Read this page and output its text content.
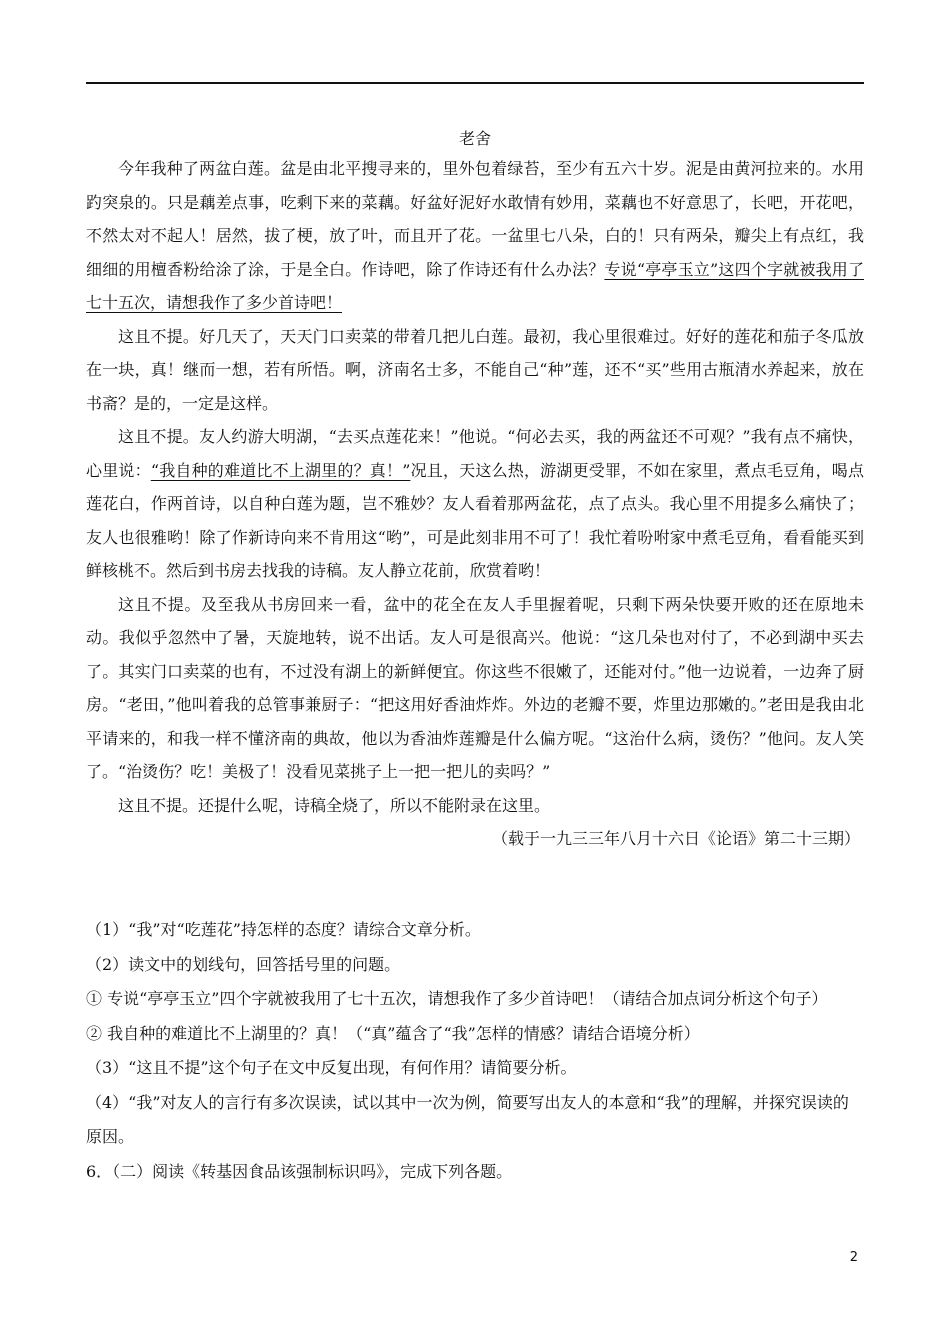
老舍

今年我种了两盆白莲。盆是由北平搜寻来的，里外包着绿苔，至少有五六十岁。泥是由黄河拉来的。水用趵突泉的。只是藕差点事，吃剩下来的菜藕。好盆好泥好水敢情有妙用，菜藕也不好意思了，长吧，开花吧，不然太对不起人！居然，拔了梗，放了叶，而且开了花。一盆里七八朵，白的！只有两朵，瓣尖上有点红，我细细的用檀香粉给涂了涂，于是全白。作诗吧，除了作诗还有什么办法？专说“亭亭玉立”这四个字就被我用了七十五次，请想我作了多少首诗吧！

这且不提。好几天了，天天门口卖菜的带着几把儿白莲。最初，我心里很难过。好好的莲花和茄子冬瓜放在一块，真！继而一想，若有所悟。啊，济南名士多，不能自己“种”莲，还不“买”些用古瓶清水养起来，放在书斋？是的，一定是这样。

这且不提。友人约游大明湖，“去买点莲花来！”他说。“何必去买，我的两盆还不可观？”我有点不痛快，心里说：“我自种的难道比不上湖里的？真！”况且，天这么热，游湖更受罪，不如在家里，煮点毛豆角，喝点莲花白，作两首诗，以自种白莲为题，岂不雅妙？友人看着那两盆花，点了点头。我心里不用提多么痛快了；友人也很雅哟！除了作新诗向来不肯用这“哟”，可是此刻非用不可了！我忙着吩咐家中煮毛豆角，看看能买到鲜核桃不。然后到书房去找我的诗稿。友人静立花前，欣赏着哟！

这且不提。及至我从书房回来一看，盆中的花全在友人手里握着呢，只剩下两朵快要开败的还在原地未动。我似乎忽然中了暑，天旋地转，说不出话。友人可是很高兴。他说：“这几朵也对付了，不必到湖中买去了。其实门口卖菜的也有，不过没有湖上的新鲜便宜。你这些不很嫩了，还能对付。”他一边说着，一边奔了厨房。“老田，”他叫着我的总管事兼厨子：“把这用好香油炸炸。外边的老瓣不要，炸里边那嫩的。”老田是我由北平请来的，和我一样不懂济南的典故，他以为香油炸莲瓣是什么偏方呢。“这治什么病，烫伤？”他问。友人笑了。“治烫伤？吃！美极了！没看见菜挑子上一把一把儿的卖吗？”

这且不提。还提什么呢，诗稿全烧了，所以不能附录在这里。

（载于一九三三年八月十六日《论语》第二十三期）

（1）“我”对“吃莲花”持怎样的态度？请综合文章分析。

（2）读文中的划线句，回答括号里的问题。

① 专说“亭亭玉立”四个字就被我用了七十五次，请想我作了多少首诗吧！（请结合加点词分析这个句子）

② 我自种的难道比不上湖里的？真！（“真”蕴含了“我”怎样的情感？请结合语境分析）

（3）“这且不提”这个句子在文中反复出现，有何作用？请简要分析。

（4）“我”对友人的言行有多次误读，试以其中一次为例，简要写出友人的本意和“我”的理解，并探究误读的原因。

6．（二）阅读《转基因食品该强制标识吗》，完成下列各题。

2
